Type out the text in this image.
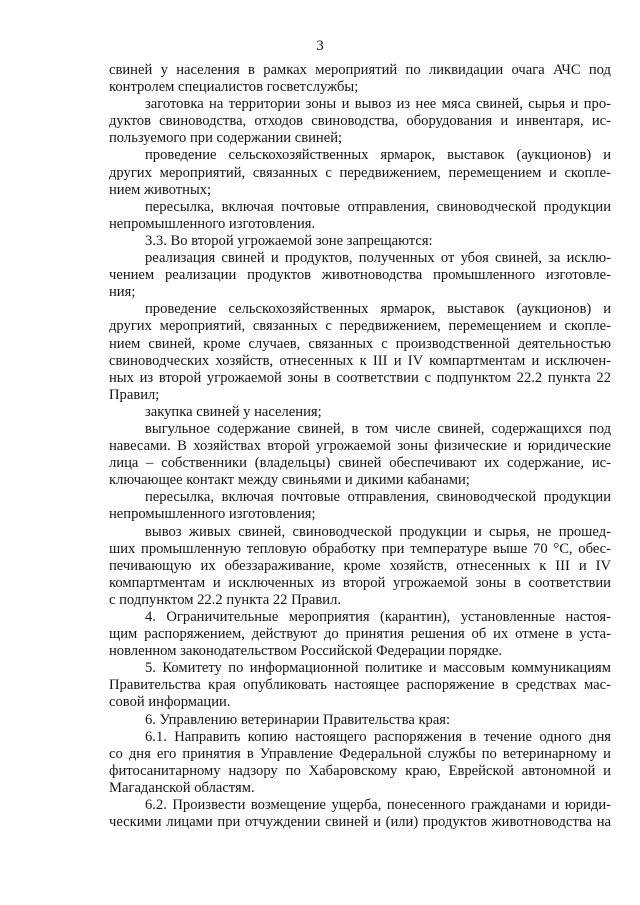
3
свиней у населения в рамках мероприятий по ликвидации очага АЧС под
контролем специалистов госветслужбы;
заготовка на территории зоны и вывоз из нее мяса свиней, сырья и про-
дуктов свиноводства, отходов свиноводства, оборудования и инвентаря, ис-
пользуемого при содержании свиней;
проведение сельскохозяйственных ярмарок, выставок (аукционов) и
других мероприятий, связанных с передвижением, перемещением и скопле-
нием животных;
пересылка, включая почтовые отправления, свиноводческой продукции
непромышленного изготовления.
3.3. Во второй угрожаемой зоне запрещаются:
реализация свиней и продуктов, полученных от убоя свиней, за исклю-
чением реализации продуктов животноводства промышленного изготовле-
ния;
проведение сельскохозяйственных ярмарок, выставок (аукционов) и
других мероприятий, связанных с передвижением, перемещением и скопле-
нием свиней, кроме случаев, связанных с производственной деятельностью
свиноводческих хозяйств, отнесенных к III и IV компартментам и исключен-
ных из второй угрожаемой зоны в соответствии с подпунктом 22.2 пункта 22
Правил;
закупка свиней у населения;
выгульное содержание свиней, в том числе свиней, содержащихся под
навесами. В хозяйствах второй угрожаемой зоны физические и юридические
лица – собственники (владельцы) свиней обеспечивают их содержание, ис-
ключающее контакт между свиньями и дикими кабанами;
пересылка, включая почтовые отправления, свиноводческой продукции
непромышленного изготовления;
вывоз живых свиней, свиноводческой продукции и сырья, не прошед-
ших промышленную тепловую обработку при температуре выше 70 °С, обес-
печивающую их обеззараживание, кроме хозяйств, отнесенных к III и IV
компартментам и исключенных из второй угрожаемой зоны в соответствии
с подпунктом 22.2 пункта 22 Правил.
4. Ограничительные мероприятия (карантин), установленные настоя-
щим распоряжением, действуют до принятия решения об их отмене в уста-
новленном законодательством Российской Федерации порядке.
5. Комитету по информационной политике и массовым коммуникациям
Правительства края опубликовать настоящее распоряжение в средствах мас-
совой информации.
6. Управлению ветеринарии Правительства края:
6.1. Направить копию настоящего распоряжения в течение одного дня
со дня его принятия в Управление Федеральной службы по ветеринарному и
фитосанитарному надзору по Хабаровскому краю, Еврейской автономной и
Магаданской областям.
6.2. Произвести возмещение ущерба, понесенного гражданами и юриди-
ческими лицами при отчуждении свиней и (или) продуктов животноводства на
